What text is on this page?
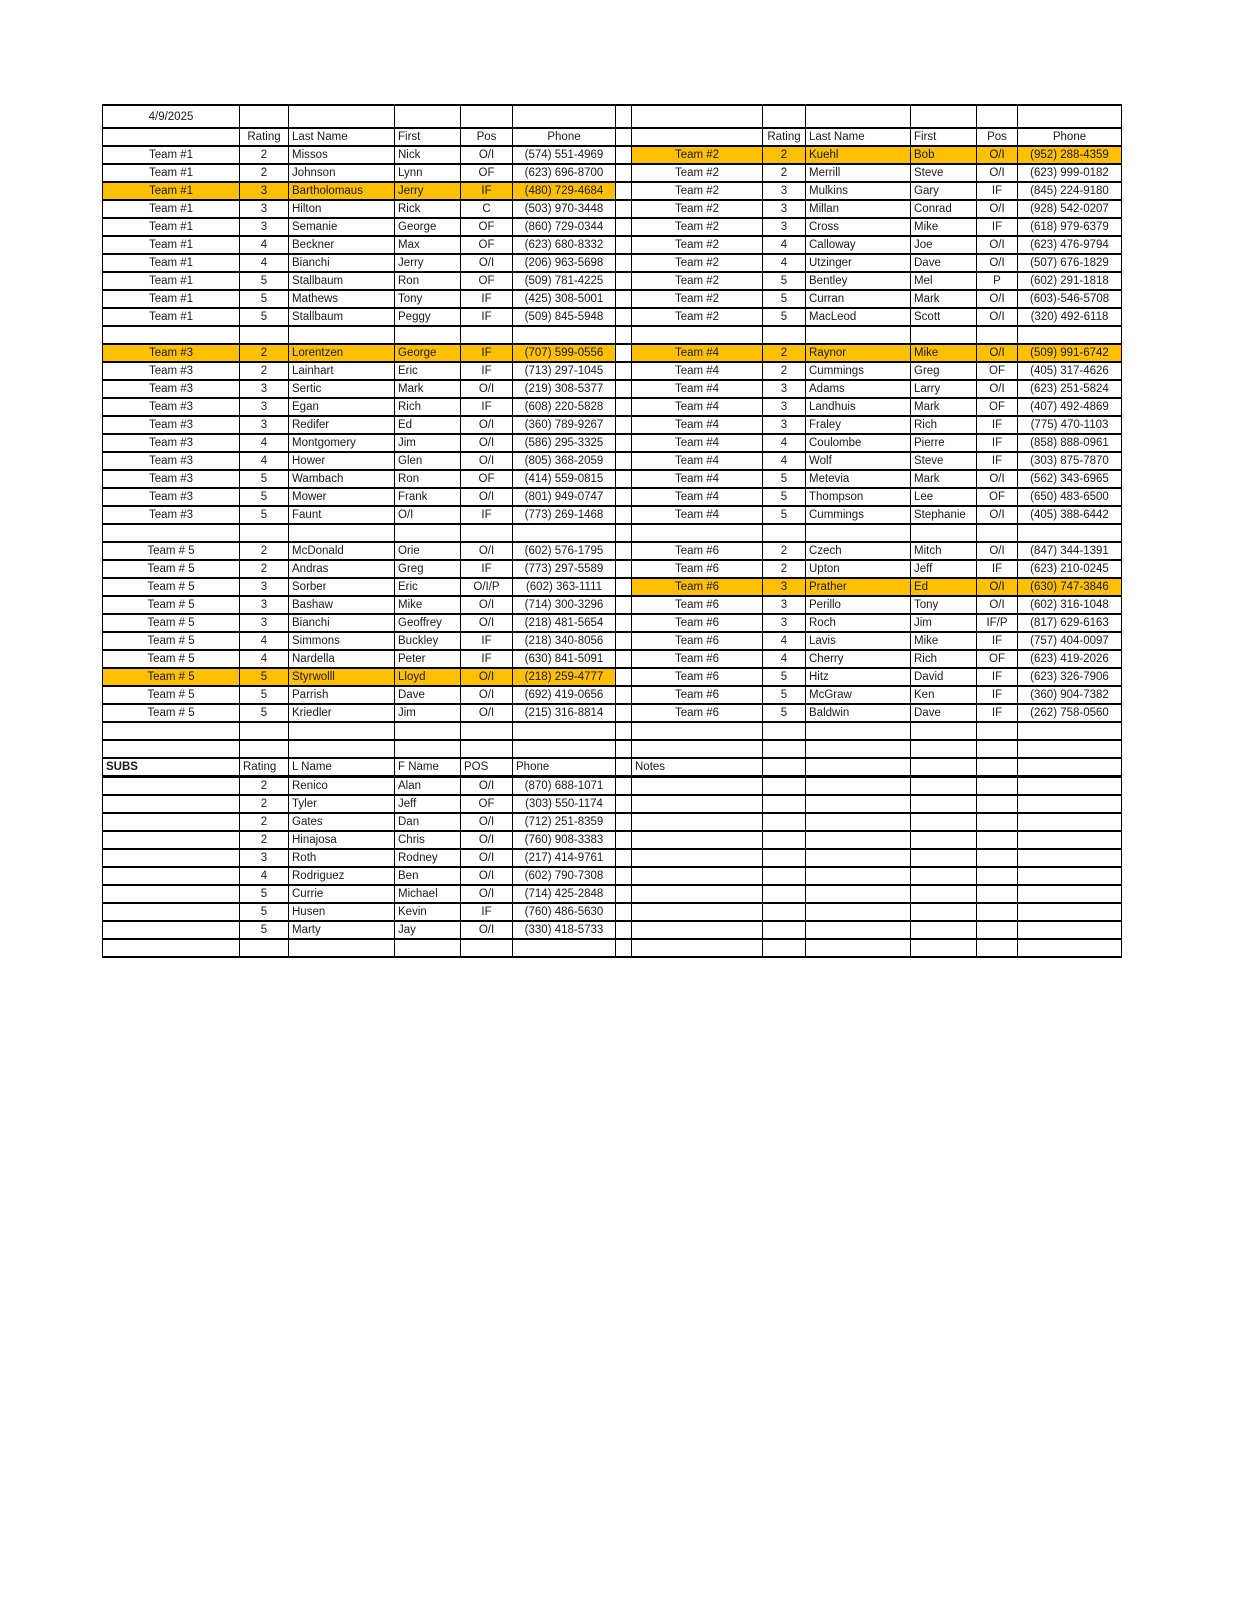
4/9/2025												
	Rating	Last Name	First	Pos	Phone			Rating	Last Name	First	Pos	Phone
Team #1	2	Missos	Nick	O/I	(574) 551-4969		Team #2	2	Kuehl	Bob	O/I	(952) 288-4359
Team #1	2	Johnson	Lynn	OF	(623) 696-8700		Team #2	2	Merrill	Steve	O/I	(623) 999-0182
Team #1	3	Bartholomaus	Jerry	IF	(480) 729-4684		Team #2	3	Mulkins	Gary	IF	(845) 224-9180
Team #1	3	Hilton	Rick	C	(503) 970-3448		Team #2	3	Millan	Conrad	O/I	(928) 542-0207
Team #1	3	Semanie	George	OF	(860) 729-0344		Team #2	3	Cross	Mike	IF	(618) 979-6379
Team #1	4	Beckner	Max	OF	(623) 680-8332		Team #2	4	Calloway	Joe	O/I	(623) 476-9794
Team #1	4	Bianchi	Jerry	O/I	(206) 963-5698		Team #2	4	Utzinger	Dave	O/I	(507) 676-1829
Team #1	5	Stallbaum	Ron	OF	(509) 781-4225		Team #2	5	Bentley	Mel	P	(602) 291-1818
Team #1	5	Mathews	Tony	IF	(425) 308-5001		Team #2	5	Curran	Mark	O/I	(603)-546-5708
Team #1	5	Stallbaum	Peggy	IF	(509) 845-5948		Team #2	5	MacLeod	Scott	O/I	(320) 492-6118

Team #3	2	Lorentzen	George	IF	(707) 599-0556		Team #4	2	Raynor	Mike	O/I	(509) 991-6742
Team #3	2	Lainhart	Eric	IF	(713) 297-1045		Team #4	2	Cummings	Greg	OF	(405) 317-4626
Team #3	3	Sertic	Mark	O/I	(219) 308-5377		Team #4	3	Adams	Larry	O/I	(623) 251-5824
Team #3	3	Egan	Rich	IF	(608) 220-5828		Team #4	3	Landhuis	Mark	OF	(407) 492-4869
Team #3	3	Redifer	Ed	O/I	(360) 789-9267		Team #4	3	Fraley	Rich	IF	(775) 470-1103
Team #3	4	Montgomery	Jim	O/I	(586) 295-3325		Team #4	4	Coulombe	Pierre	IF	(858) 888-0961
Team #3	4	Hower	Glen	O/I	(805) 368-2059		Team #4	4	Wolf	Steve	IF	(303) 875-7870
Team #3	5	Wambach	Ron	OF	(414) 559-0815		Team #4	5	Metevia	Mark	O/I	(562) 343-6965
Team #3	5	Mower	Frank	O/I	(801) 949-0747		Team #4	5	Thompson	Lee	OF	(650) 483-6500
Team #3	5	Faunt	O/I	IF	(773) 269-1468		Team #4	5	Cummings	Stephanie	O/I	(405) 388-6442

Team # 5	2	McDonald	Orie	O/I	(602) 576-1795		Team #6	2	Czech	Mitch	O/I	(847) 344-1391
Team # 5	2	Andras	Greg	IF	(773) 297-5589		Team #6	2	Upton	Jeff	IF	(623) 210-0245
Team # 5	3	Sorber	Eric	O/I/P	(602) 363-1111		Team #6	3	Prather	Ed	O/I	(630) 747-3846
Team # 5	3	Bashaw	Mike	O/I	(714) 300-3296		Team #6	3	Perillo	Tony	O/I	(602) 316-1048
Team # 5	3	Bianchi	Geoffrey	O/I	(218) 481-5654		Team #6	3	Roch	Jim	IF/P	(817) 629-6163
Team # 5	4	Simmons	Buckley	IF	(218) 340-8056		Team #6	4	Lavis	Mike	IF	(757) 404-0097
Team # 5	4	Nardella	Peter	IF	(630) 841-5091		Team #6	4	Cherry	Rich	OF	(623) 419-2026
Team # 5	5	Styrwolll	Lloyd	O/I	(218) 259-4777		Team #6	5	Hitz	David	IF	(623) 326-7906
Team # 5	5	Parrish	Dave	O/I	(692) 419-0656		Team #6	5	McGraw	Ken	IF	(360) 904-7382
Team # 5	5	Kriedler	Jim	O/I	(215) 316-8814		Team #6	5	Baldwin	Dave	IF	(262) 758-0560

SUBS	Rating	L Name	F Name	POS	Phone		Notes					
	2	Renico	Alan	O/I	(870) 688-1071							
	2	Tyler	Jeff	OF	(303) 550-1174							
	2	Gates	Dan	O/I	(712) 251-8359							
	2	Hinajosa	Chris	O/I	(760) 908-3383							
	3	Roth	Rodney	O/I	(217) 414-9761							
	4	Rodriguez	Ben	O/I	(602) 790-7308							
	5	Currie	Michael	O/I	(714) 425-2848							
	5	Husen	Kevin	IF	(760) 486-5630							
	5	Marty	Jay	O/I	(330) 418-5733							
